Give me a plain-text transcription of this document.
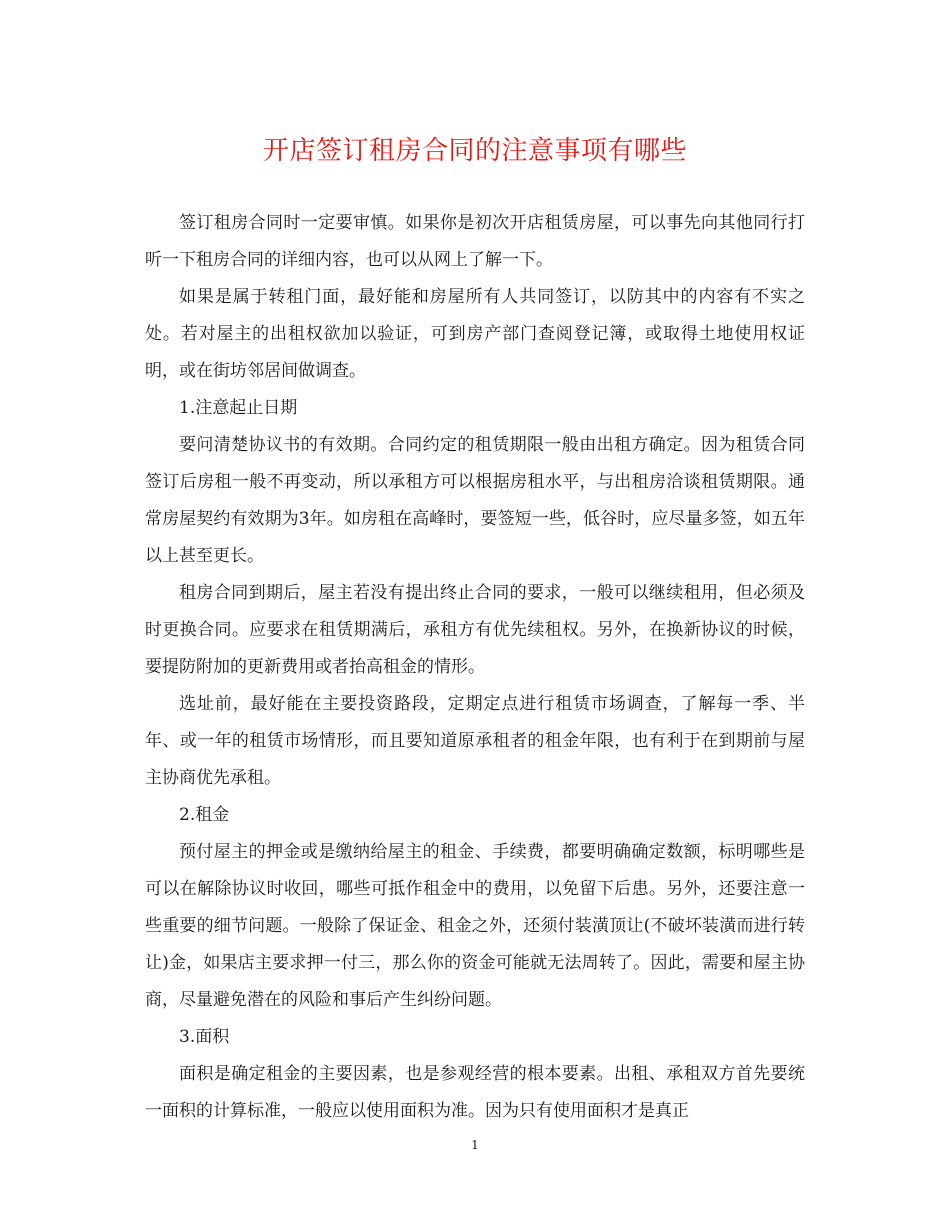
开店签订租房合同的注意事项有哪些

签订租房合同时一定要审慎。如果你是初次开店租赁房屋，可以事先向其他同行打听一下租房合同的详细内容，也可以从网上了解一下。

如果是属于转租门面，最好能和房屋所有人共同签订，以防其中的内容有不实之处。若对屋主的出租权欲加以验证，可到房产部门查阅登记簿，或取得土地使用权证明，或在街坊邻居间做调查。

1.注意起止日期

要问清楚协议书的有效期。合同约定的租赁期限一般由出租方确定。因为租赁合同签订后房租一般不再变动，所以承租方可以根据房租水平，与出租房洽谈租赁期限。通常房屋契约有效期为3年。如房租在高峰时，要签短一些，低谷时，应尽量多签，如五年以上甚至更长。

租房合同到期后，屋主若没有提出终止合同的要求，一般可以继续租用，但必须及时更换合同。应要求在租赁期满后，承租方有优先续租权。另外，在换新协议的时候，要提防附加的更新费用或者抬高租金的情形。

选址前，最好能在主要投资路段，定期定点进行租赁市场调查，了解每一季、半年、或一年的租赁市场情形，而且要知道原承租者的租金年限，也有利于在到期前与屋主协商优先承租。

2.租金

预付屋主的押金或是缴纳给屋主的租金、手续费，都要明确确定数额，标明哪些是可以在解除协议时收回，哪些可抵作租金中的费用，以免留下后患。另外，还要注意一些重要的细节问题。一般除了保证金、租金之外，还须付装潢顶让(不破坏装潢而进行转让)金，如果店主要求押一付三，那么你的资金可能就无法周转了。因此，需要和屋主协商，尽量避免潜在的风险和事后产生纠纷问题。

3.面积

面积是确定租金的主要因素，也是参观经营的根本要素。出租、承租双方首先要统一面积的计算标准，一般应以使用面积为准。因为只有使用面积才是真正

1
